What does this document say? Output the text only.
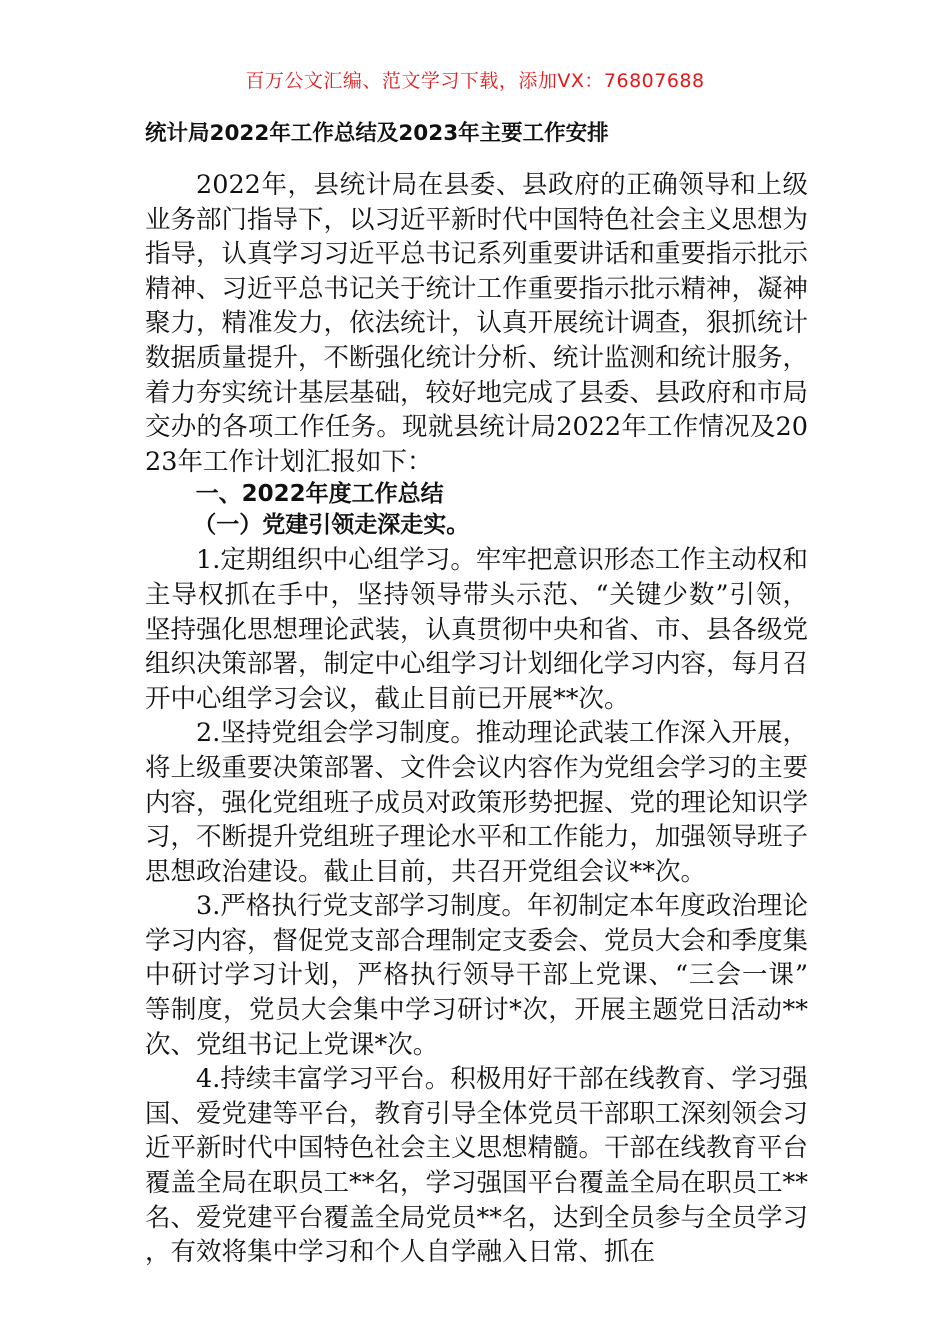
百万公文汇编、范文学习下载，添加VX：76807688
统计局2022年工作总结及2023年主要工作安排

2022年，县统计局在县委、县政府的正确领导和上级业务部门指导下，以习近平新时代中国特色社会主义思想为指导，认真学习习近平总书记系列重要讲话和重要指示批示精神、习近平总书记关于统计工作重要指示批示精神，凝神聚力，精准发力，依法统计，认真开展统计调查，狠抓统计数据质量提升，不断强化统计分析、统计监测和统计服务，着力夯实统计基层基础，较好地完成了县委、县政府和市局交办的各项工作任务。现就县统计局2022年工作情况及2023年工作计划汇报如下：

一、2022年度工作总结

（一）党建引领走深走实。

1.定期组织中心组学习。牢牢把意识形态工作主动权和主导权抓在手中，坚持领导带头示范、“关键少数”引领，坚持强化思想理论武装，认真贯彻中央和省、市、县各级党组织决策部署，制定中心组学习计划细化学习内容，每月召开中心组学习会议，截止目前已开展**次。

2.坚持党组会学习制度。推动理论武装工作深入开展，将上级重要决策部署、文件会议内容作为党组会学习的主要内容，强化党组班子成员对政策形势把握、党的理论知识学习，不断提升党组班子理论水平和工作能力，加强领导班子思想政治建设。截止目前，共召开党组会议**次。

3.严格执行党支部学习制度。年初制定本年度政治理论学习内容，督促党支部合理制定支委会、党员大会和季度集中研讨学习计划，严格执行领导干部上党课、“三会一课”等制度，党员大会集中学习研讨*次，开展主题党日活动**次、党组书记上党课*次。

4.持续丰富学习平台。积极用好干部在线教育、学习强国、爱党建等平台，教育引导全体党员干部职工深刻领会习近平新时代中国特色社会主义思想精髓。干部在线教育平台覆盖全局在职员工**名，学习强国平台覆盖全局在职员工**名、爱党建平台覆盖全局党员**名，达到全员参与全员学习，有效将集中学习和个人自学融入日常、抓在
